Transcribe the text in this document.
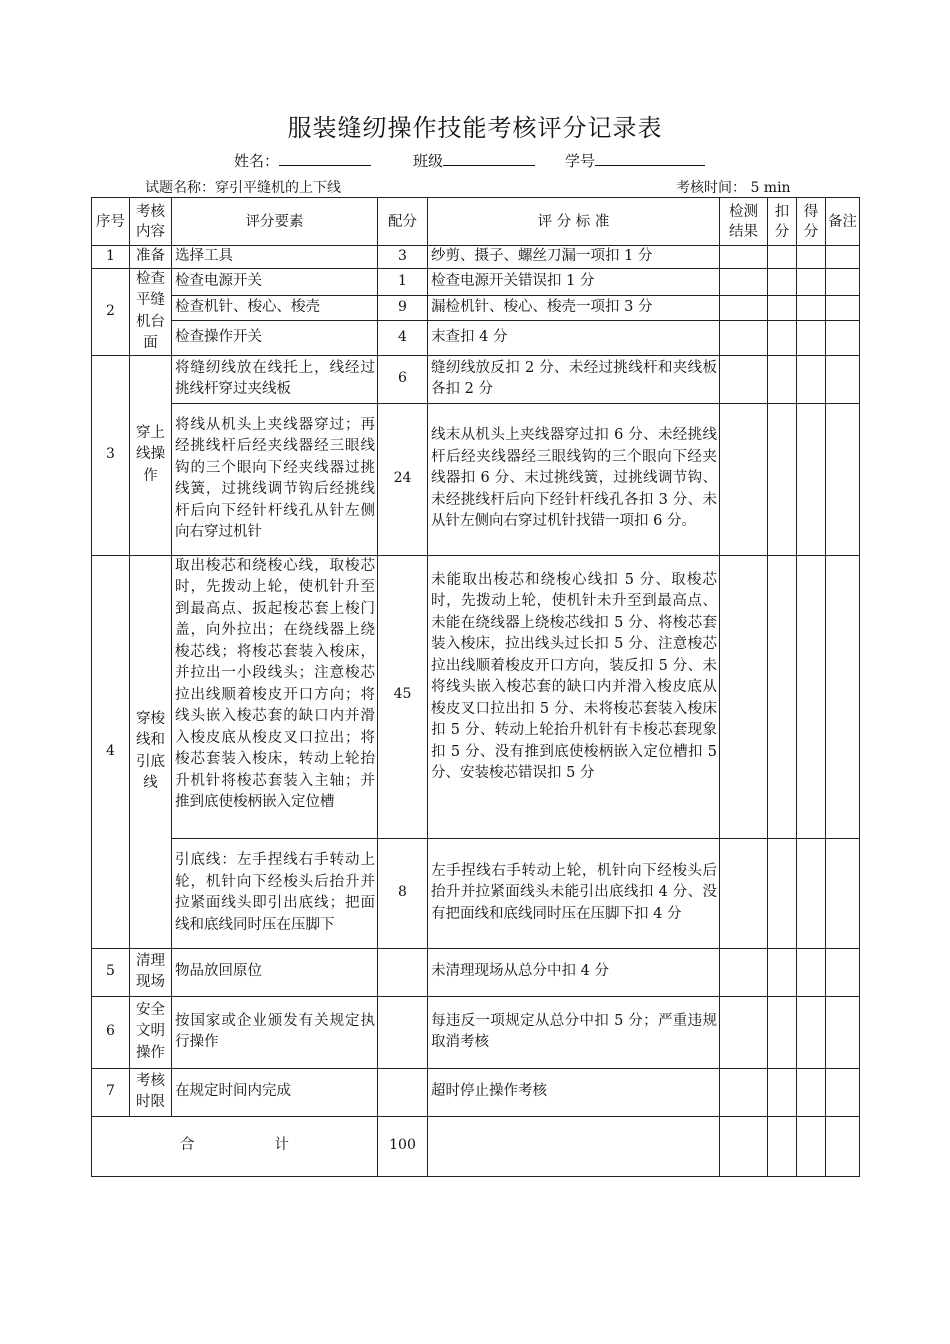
服装缝纫操作技能考核评分记录表
姓名：	班级	学号
试题名称：穿引平缝机的上下线	考核时间： 5 min
序号	考核内容	评分要素	配分	评 分 标 准	检测结果	扣分	得分	备注
1	准备	选择工具	3	纱剪、摄子、螺丝刀漏一项扣 1 分				
2	检查平缝机台面	检查电源开关	1	检查电源开关错误扣 1 分				
		检查机针、梭心、梭壳	9	漏检机针、梭心、梭壳一项扣 3 分				
		检查操作开关	4	末查扣 4 分				
3	穿上线操作	将缝纫线放在线托上，线经过挑线杆穿过夹线板	6	缝纫线放反扣 2 分、未经过挑线杆和夹线板各扣 2 分				
		将线从机头上夹线器穿过；再经挑线杆后经夹线器经三眼线钩的三个眼向下经夹线器过挑线簧，过挑线调节钩后经挑线杆后向下经针杆线孔从针左侧向右穿过机针	24	线末从机头上夹线器穿过扣 6 分、未经挑线杆后经夹线器经三眼线钩的三个眼向下经夹线器扣 6 分、末过挑线簧，过挑线调节钩、未经挑线杆后向下经针杆线孔各扣 3 分、未从针左侧向右穿过机针找错一项扣 6 分。				
4	穿梭线和引底线	取出梭芯和绕梭心线，取梭芯时，先拨动上轮，使机针升至到最高点、扳起梭芯套上梭门盖，向外拉出；在绕线器上绕梭芯线；将梭芯套装入梭床，并拉出一小段线头；注意梭芯拉出线顺着梭皮开口方向；将线头嵌入梭芯套的缺口内并滑入梭皮底从梭皮叉口拉出；将梭芯套装入梭床，转动上轮抬升机针将梭芯套装入主轴；并推到底使梭柄嵌入定位槽	45	未能取出梭芯和绕梭心线扣 5 分、取梭芯时，先拨动上轮，使机针未升至到最高点、未能在绕线器上绕梭芯线扣 5 分、将梭芯套装入梭床，拉出线头过长扣 5 分、注意梭芯拉出线顺着梭皮开口方向，装反扣 5 分、未将线头嵌入梭芯套的缺口内并滑入梭皮底从梭皮叉口拉出扣 5 分、未将梭芯套装入梭床扣 5 分、转动上轮抬升机针有卡梭芯套现象扣 5 分、没有推到底使梭柄嵌入定位槽扣 5 分、安装梭芯错误扣 5 分				
		引底线：左手捏线右手转动上轮，机针向下经梭头后抬升并拉紧面线头即引出底线；把面线和底线同时压在压脚下	8	左手捏线右手转动上轮，机针向下经梭头后抬升并拉紧面线头未能引出底线扣 4 分、没有把面线和底线同时压在压脚下扣 4 分				
5	清理现场	物品放回原位		未清理现场从总分中扣 4 分				
6	安全文明操作	按国家或企业颁发有关规定执行操作		每违反一项规定从总分中扣 5 分；严重违规取消考核				
7	考核时限	在规定时间内完成		超时停止操作考核				
合 计			100					
